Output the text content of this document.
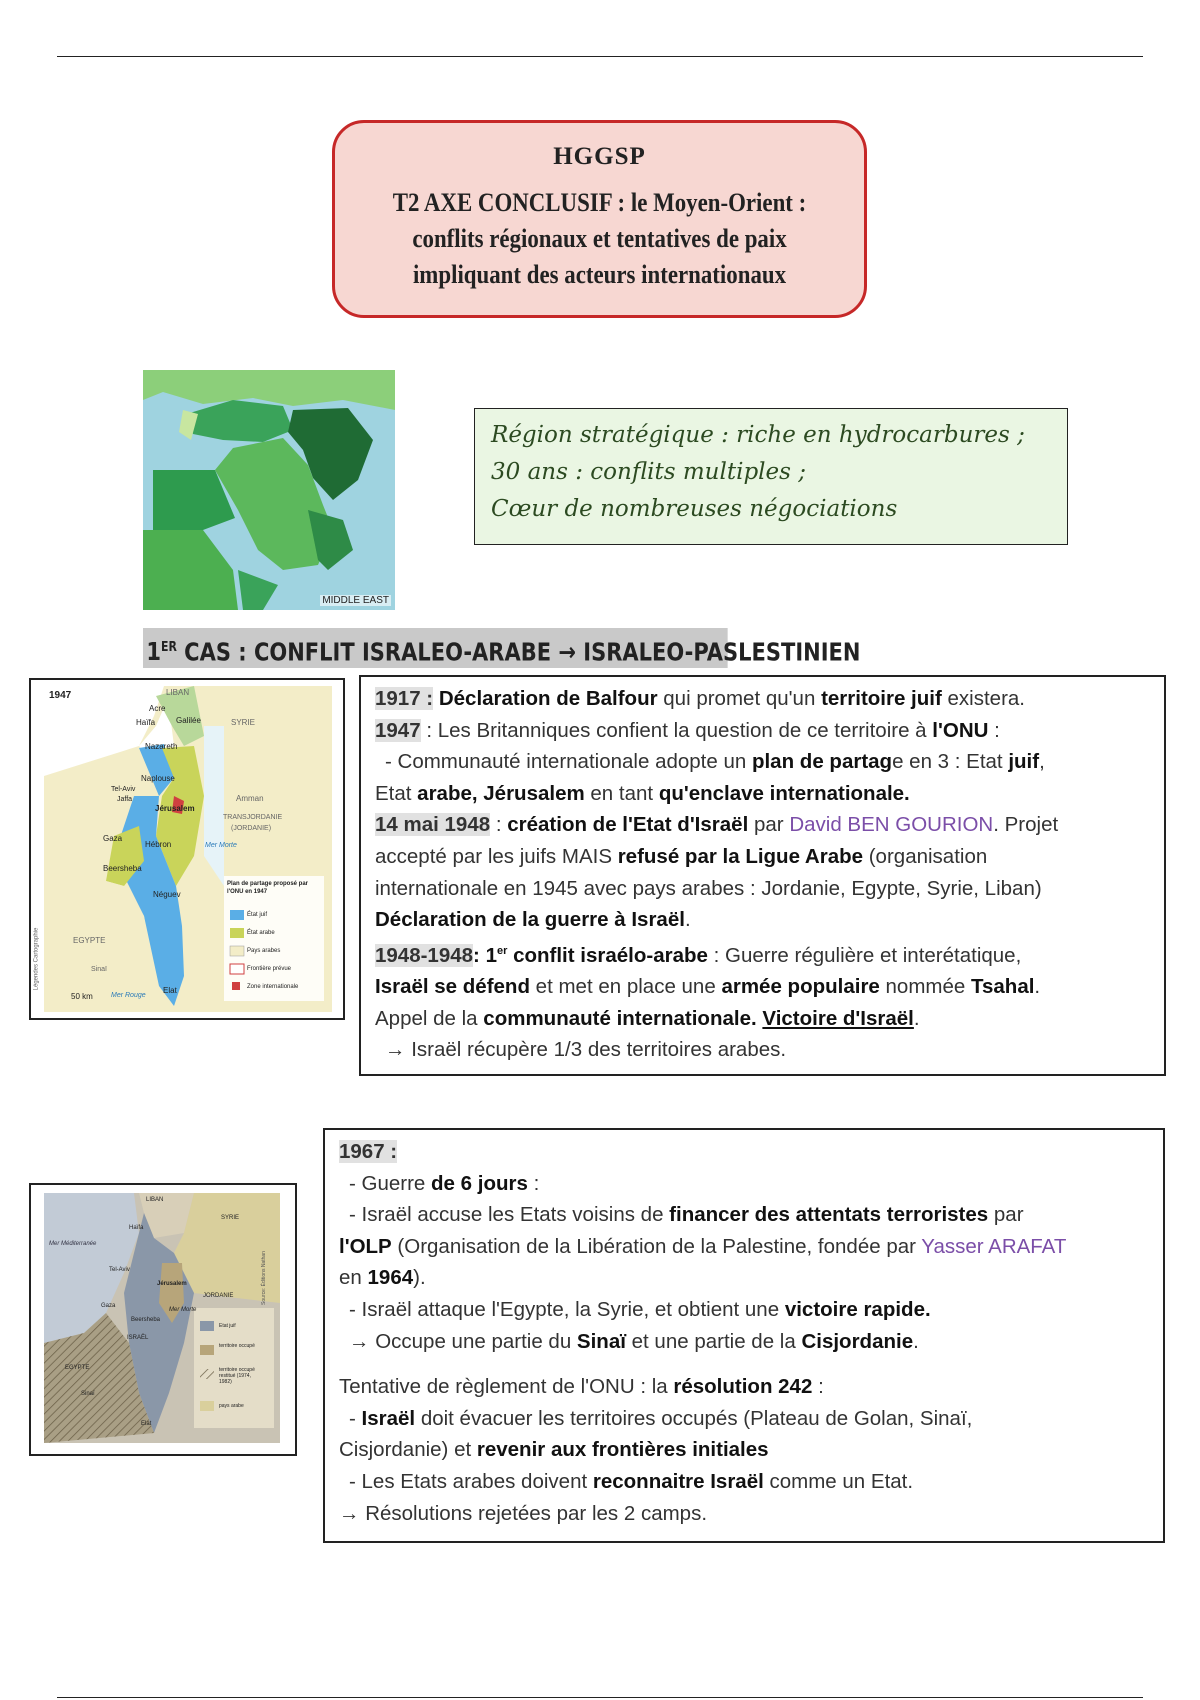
HGGSP
T2 AXE CONCLUSIF : le Moyen-Orient : conflits régionaux et tentatives de paix impliquant des acteurs internationaux
MIDDLE EAST
Région stratégique : riche en hydrocarbures ;
30 ans : conflits multiples ;
Cœur de nombreuses négociations
1ER CAS : CONFLIT ISRALEO-ARABE → ISRALEO-PASLESTINIEN
1947	LIBAN
Acre
Haïfa	Galilée	SYRIE
Nazareth
Naplouse
Tel-Aviv
Jaffa
Jérusalem
Amman
TRANSJORDANIE
(JORDANIE)
Gaza
Hébron
Beersheba
Mer Morte
Néguev
EGYPTE
Sinaï
Elat
Mer Rouge
50 km
Plan de partage proposé par l'ONU en 1947
État juif
État arabe
Pays arabes
Frontière prévue
Zone internationale
Légendes Cartographie

1917 : Déclaration de Balfour qui promet qu'un territoire juif existera.

1947 : Les Britanniques confient la question de ce territoire à l'ONU :

- Communauté internationale adopte un plan de partage en 3 : Etat juif,

Etat arabe, Jérusalem en tant qu'enclave internationale.

14 mai 1948 : création de l'Etat d'Israël par David BEN GOURION. Projet

accepté par les juifs MAIS refusé par la Ligue Arabe (organisation

internationale en 1945 avec pays arabes : Jordanie, Egypte, Syrie, Liban)

Déclaration de la guerre à Israël.

1948-1948: 1er conflit israélo-arabe : Guerre régulière et interétatique,

Israël se défend et met en place une armée populaire nommée Tsahal.

Appel de la communauté internationale. Victoire d'Israël.

→ Israël récupère 1/3 des territoires arabes.

LIBAN
SYRIE
Mer Méditerranée
Haïfa
Tel-Aviv
Jérusalem
Gaza
Beersheba
Mer Morte
JORDANIE
ISRAËL
EGYPTE
Sinaï
Elat
Etat juif
territoire occupé
territoire occupé restitué (1974, 1982)
pays arabe
Source: Éditions Nathan

1967 :

- Guerre de 6 jours :

- Israël accuse les Etats voisins de financer des attentats terroristes par

l'OLP (Organisation de la Libération de la Palestine, fondée par Yasser ARAFAT

en 1964).

- Israël attaque l'Egypte, la Syrie, et obtient une victoire rapide.

→ Occupe une partie du Sinaï et une partie de la Cisjordanie.

Tentative de règlement de l'ONU : la résolution 242 :

- Israël doit évacuer les territoires occupés (Plateau de Golan, Sinaï,

Cisjordanie) et revenir aux frontières initiales

- Les Etats arabes doivent reconnaitre Israël comme un Etat.

→ Résolutions rejetées par les 2 camps.
